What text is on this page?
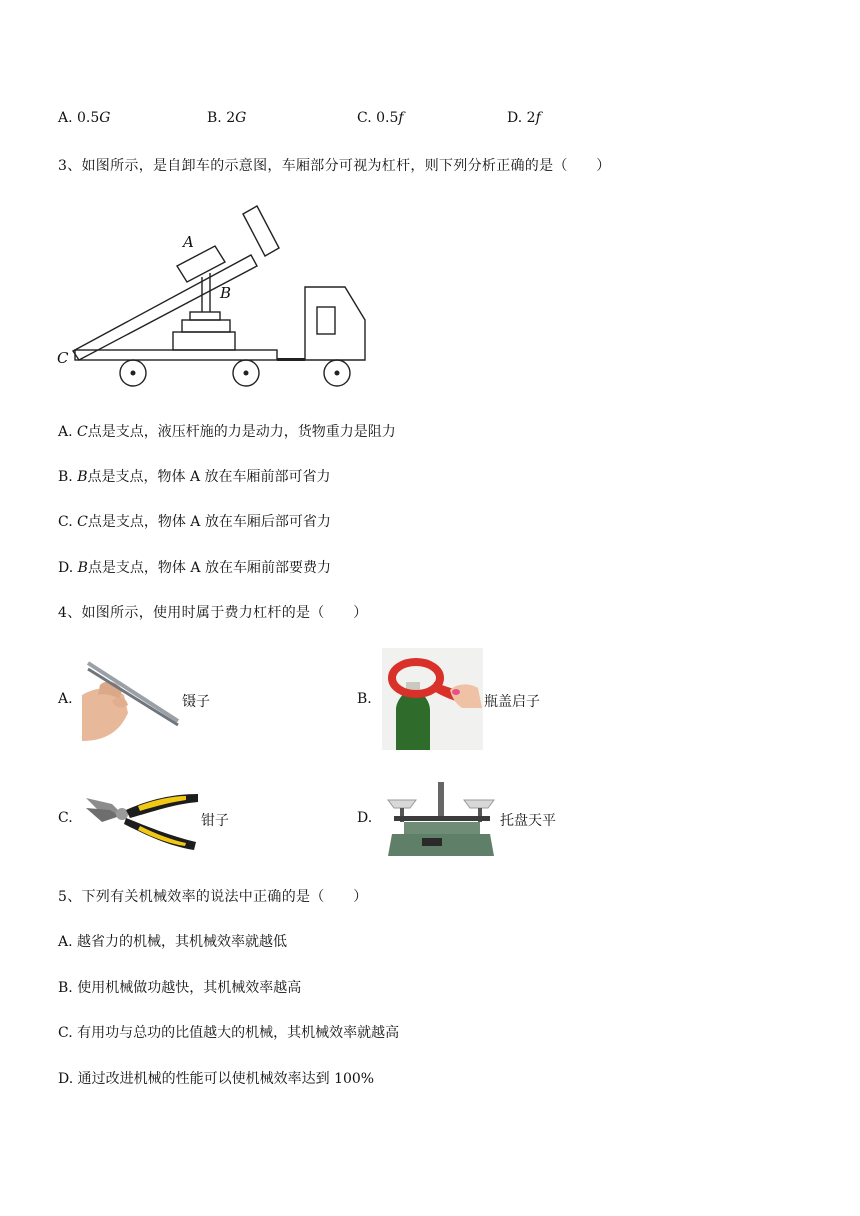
A. 0.5G	B. 2G	C. 0.5f	D. 2f
3、如图所示，是自卸车的示意图，车厢部分可视为杠杆，则下列分析正确的是（　　）
A
B
C
A. C点是支点，液压杆施的力是动力，货物重力是阻力
B. B点是支点，物体 A 放在车厢前部可省力
C. C点是支点，物体 A 放在车厢后部可省力
D. B点是支点，物体 A 放在车厢前部要费力
4、如图所示，使用时属于费力杠杆的是（　　）
A.	镊子	B.	瓶盖启子
C.	钳子	D.	托盘天平
5、下列有关机械效率的说法中正确的是（　　）
A. 越省力的机械，其机械效率就越低
B. 使用机械做功越快，其机械效率越高
C. 有用功与总功的比值越大的机械，其机械效率就越高
D. 通过改进机械的性能可以使机械效率达到 100%
